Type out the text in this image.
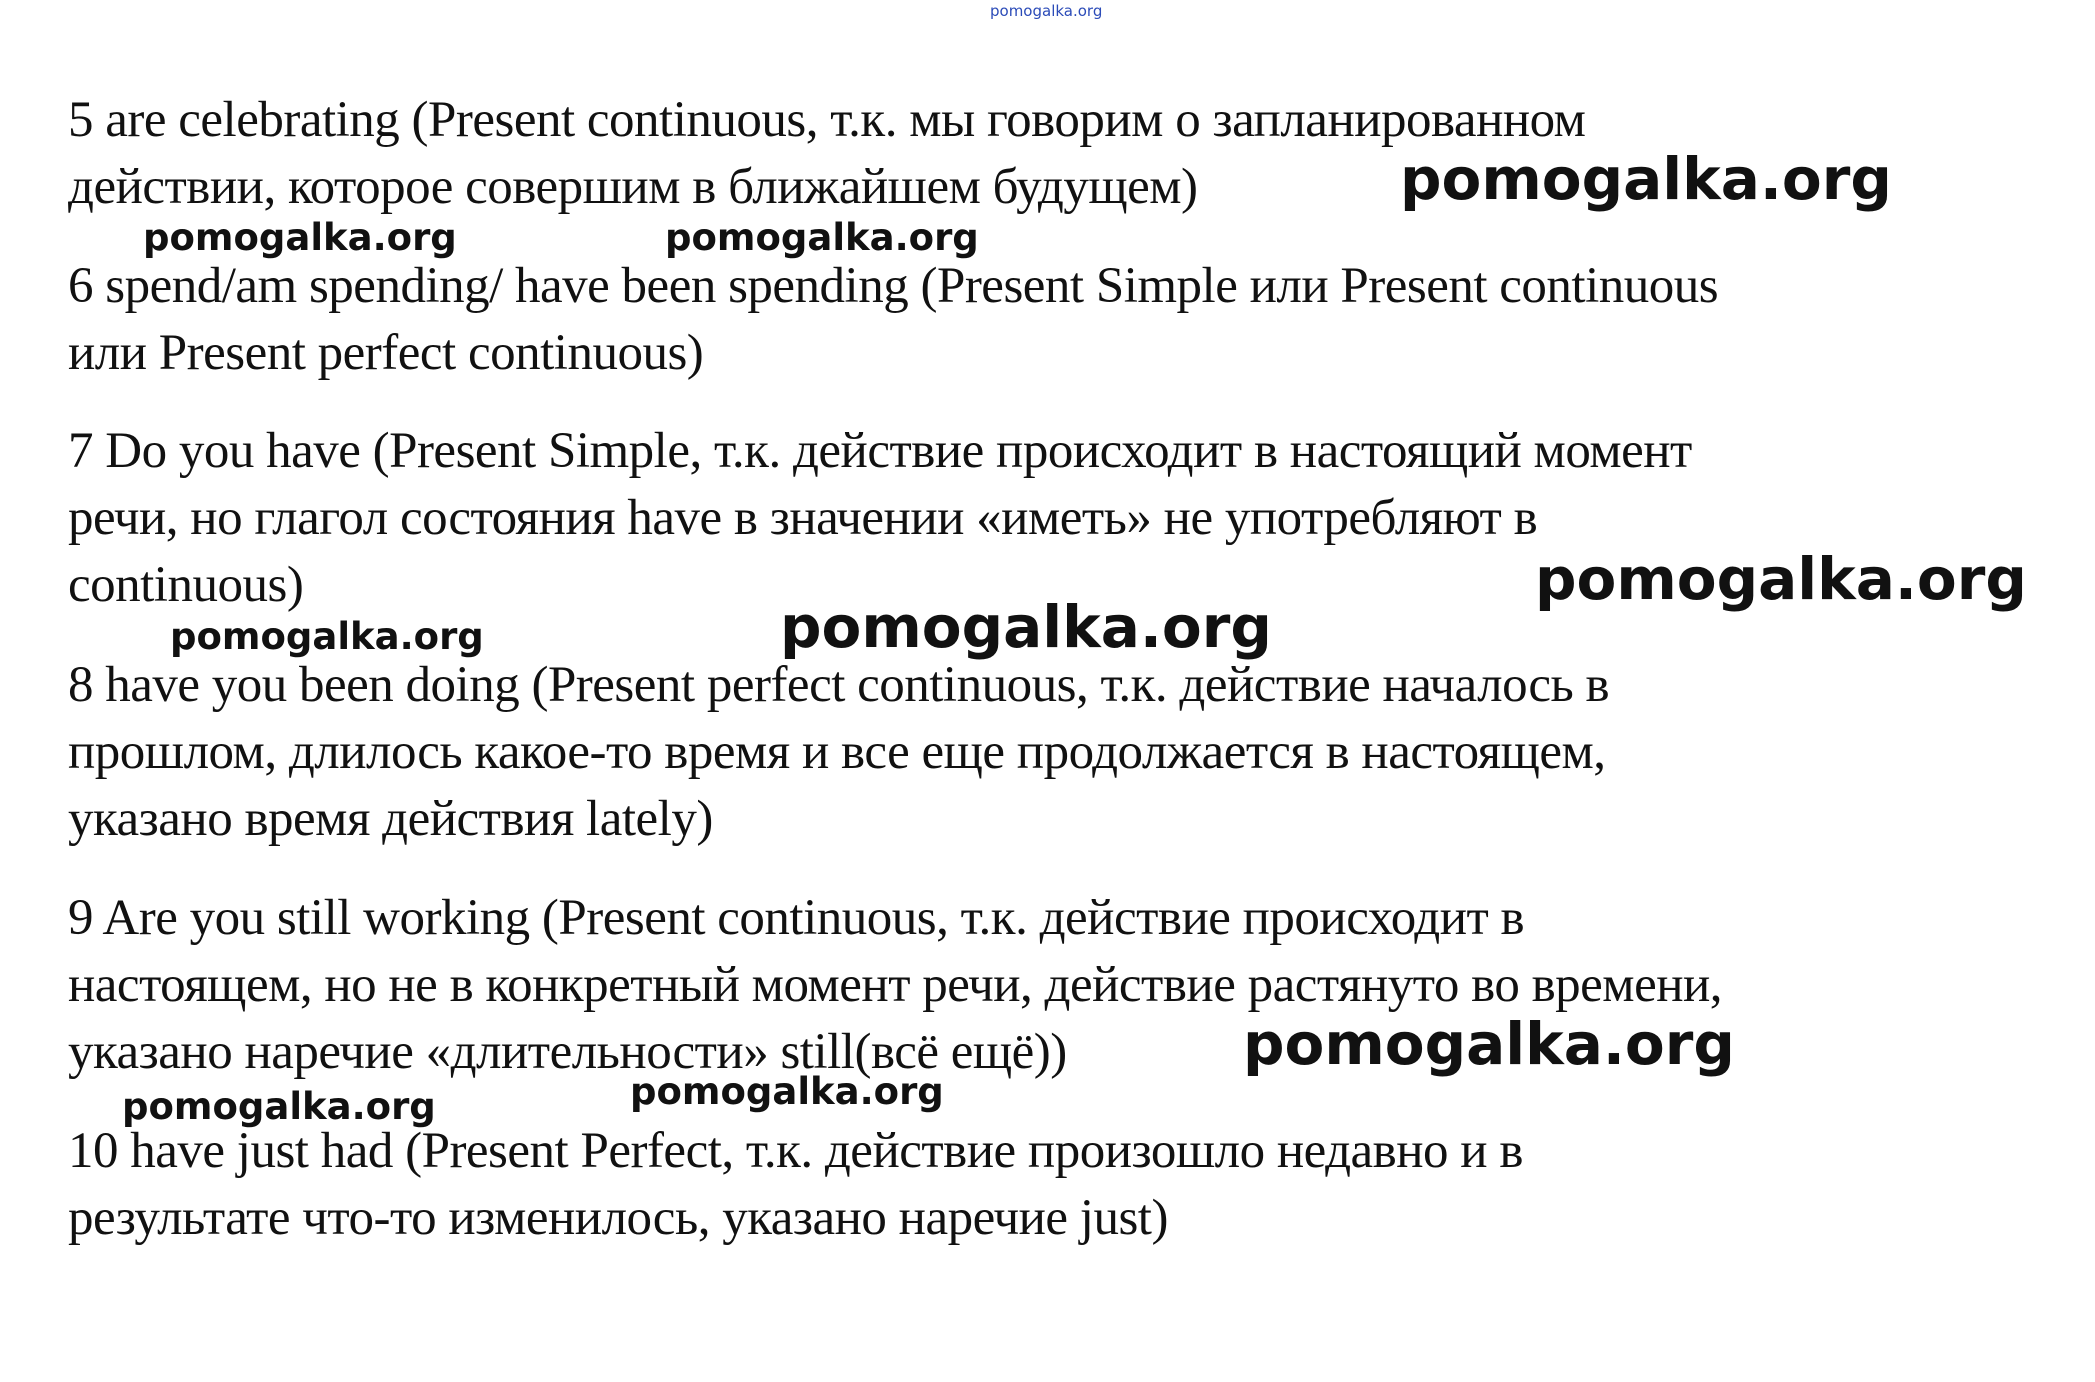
pomogalka.org

5 are celebrating (Present continuous, т.к. мы говорим о запланированном
действии, которое совершим в ближайшем будущем)

6 spend/am spending/ have been spending (Present Simple или Present continuous
или Present perfect continuous)

7 Do you have (Present Simple, т.к. действие происходит в настоящий момент
речи, но глагол состояния have в значении «иметь» не употребляют в
continuous)

8 have you been doing (Present perfect continuous, т.к. действие началось в
прошлом, длилось какое-то время и все еще продолжается в настоящем,
указано время действия lately)

9 Are you still working (Present continuous, т.к. действие происходит в
настоящем, но не в конкретный момент речи, действие растянуто во времени,
указано наречие «длительности» still(всё ещё))

10 have just had (Present Perfect, т.к. действие произошло недавно и в
результате что-то изменилось, указано наречие just)

pomogalka.org
pomogalka.org	pomogalka.org
pomogalka.org
pomogalka.org	pomogalka.org
pomogalka.org
pomogalka.org	pomogalka.org
